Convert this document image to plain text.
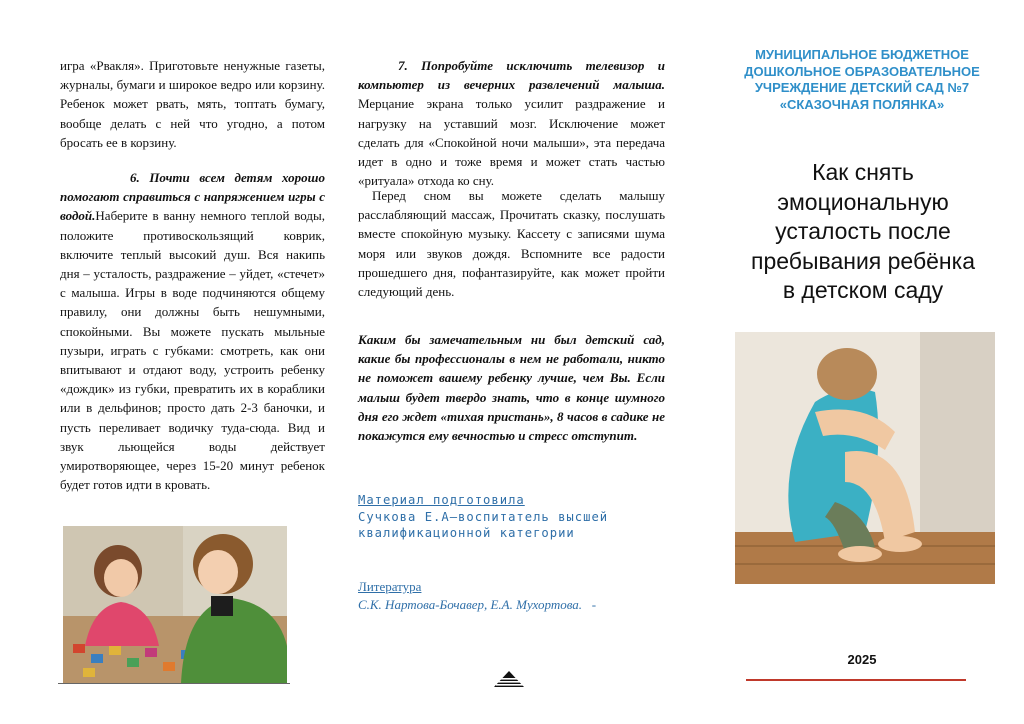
игра «Рвакля». Приготовьте ненужные газеты, журналы, бумаги и широкое ведро или корзину. Ребенок может рвать, мять, топтать бумагу, вообще делать с ней что угодно, а потом бросать ее в корзину.

6. Почти всем детям хорошо помогают справиться с напряжением игры с водой.Наберите в ванну немного теплой воды, положите противоскользящий коврик, включите теплый высокий душ. Вся накипь дня – усталость, раздражение – уйдет, «стечет» с малыша. Игры в воде подчиняются общему правилу, они должны быть нешумными, спокойными. Вы можете пускать мыльные пузыри, играть с губками: смотреть, как они впитывают и отдают воду, устроить ребенку «дождик» из губки, превратить их в кораблики или в дельфинов; просто дать 2-3 баночки, и пусть переливает водичку туда-сюда. Вид и звук льющейся воды действует умиротворяющее, через 15-20 минут ребенок будет готов идти в кровать.

7. Попробуйте исключить телевизор и компьютер из вечерних развлечений малыша. Мерцание экрана только усилит раздражение и нагрузку на уставший мозг. Исключение может сделать для «Спокойной ночи малыши», эта передача идет в одно и тоже время и может стать частью «ритуала» отхода ко сну.

Перед сном вы можете сделать малышу расслабляющий массаж, Прочитать сказку, послушать вместе спокойную музыку. Кассету с записями шума моря или звуков дождя. Вспомните все радости прошедшего дня, пофантазируйте, как может пройти следующий день.

Каким бы замечательным ни был детский сад, какие бы профессионалы в нем не работали, никто не поможет вашему ребенку лучше, чем Вы. Если малыш будет твердо знать, что в конце шумного дня его ждет «тихая пристань», 8 часов в садике не покажутся ему вечностью и стресс отступит.

Материал подготовила
Сучкова Е.А—воспитатель высшей квалификационной категории
Литература
С.К. Нартова-Бочавер, Е.А. Мухортова. -
МУНИЦИПАЛЬНОЕ БЮДЖЕТНОЕ ДОШКОЛЬНОЕ ОБРАЗОВАТЕЛЬНОЕ УЧРЕЖДЕНИЕ ДЕТСКИЙ САД №7 «СКАЗОЧНАЯ ПОЛЯНКА»
Как снять эмоциональную усталость после пребывания ребёнка в детском саду
2025
